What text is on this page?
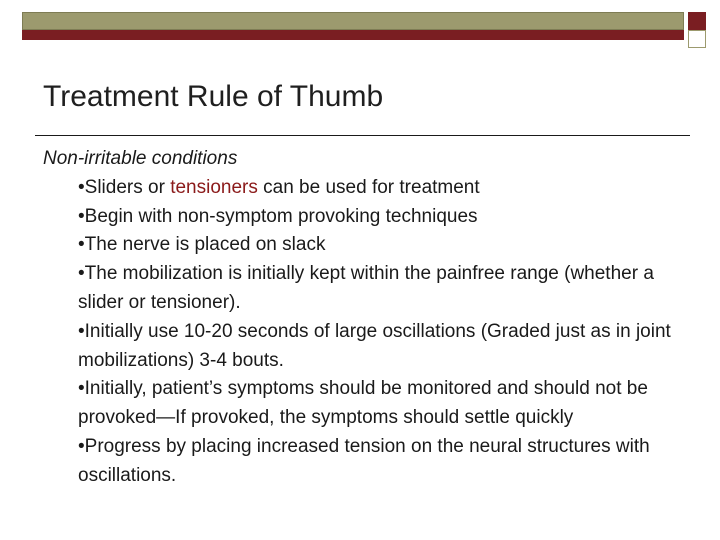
Treatment Rule of Thumb

Non-irritable conditions

•Sliders or tensioners can be used for treatment
•Begin with non-symptom provoking techniques
•The nerve is placed on slack
•The mobilization is initially kept within the painfree range (whether a slider or tensioner).
•Initially use 10-20 seconds of large oscillations (Graded just as in joint mobilizations) 3-4 bouts.
•Initially, patient’s symptoms should be monitored and should not be provoked—If provoked, the symptoms should settle quickly
•Progress by placing increased tension on the neural structures with oscillations.
